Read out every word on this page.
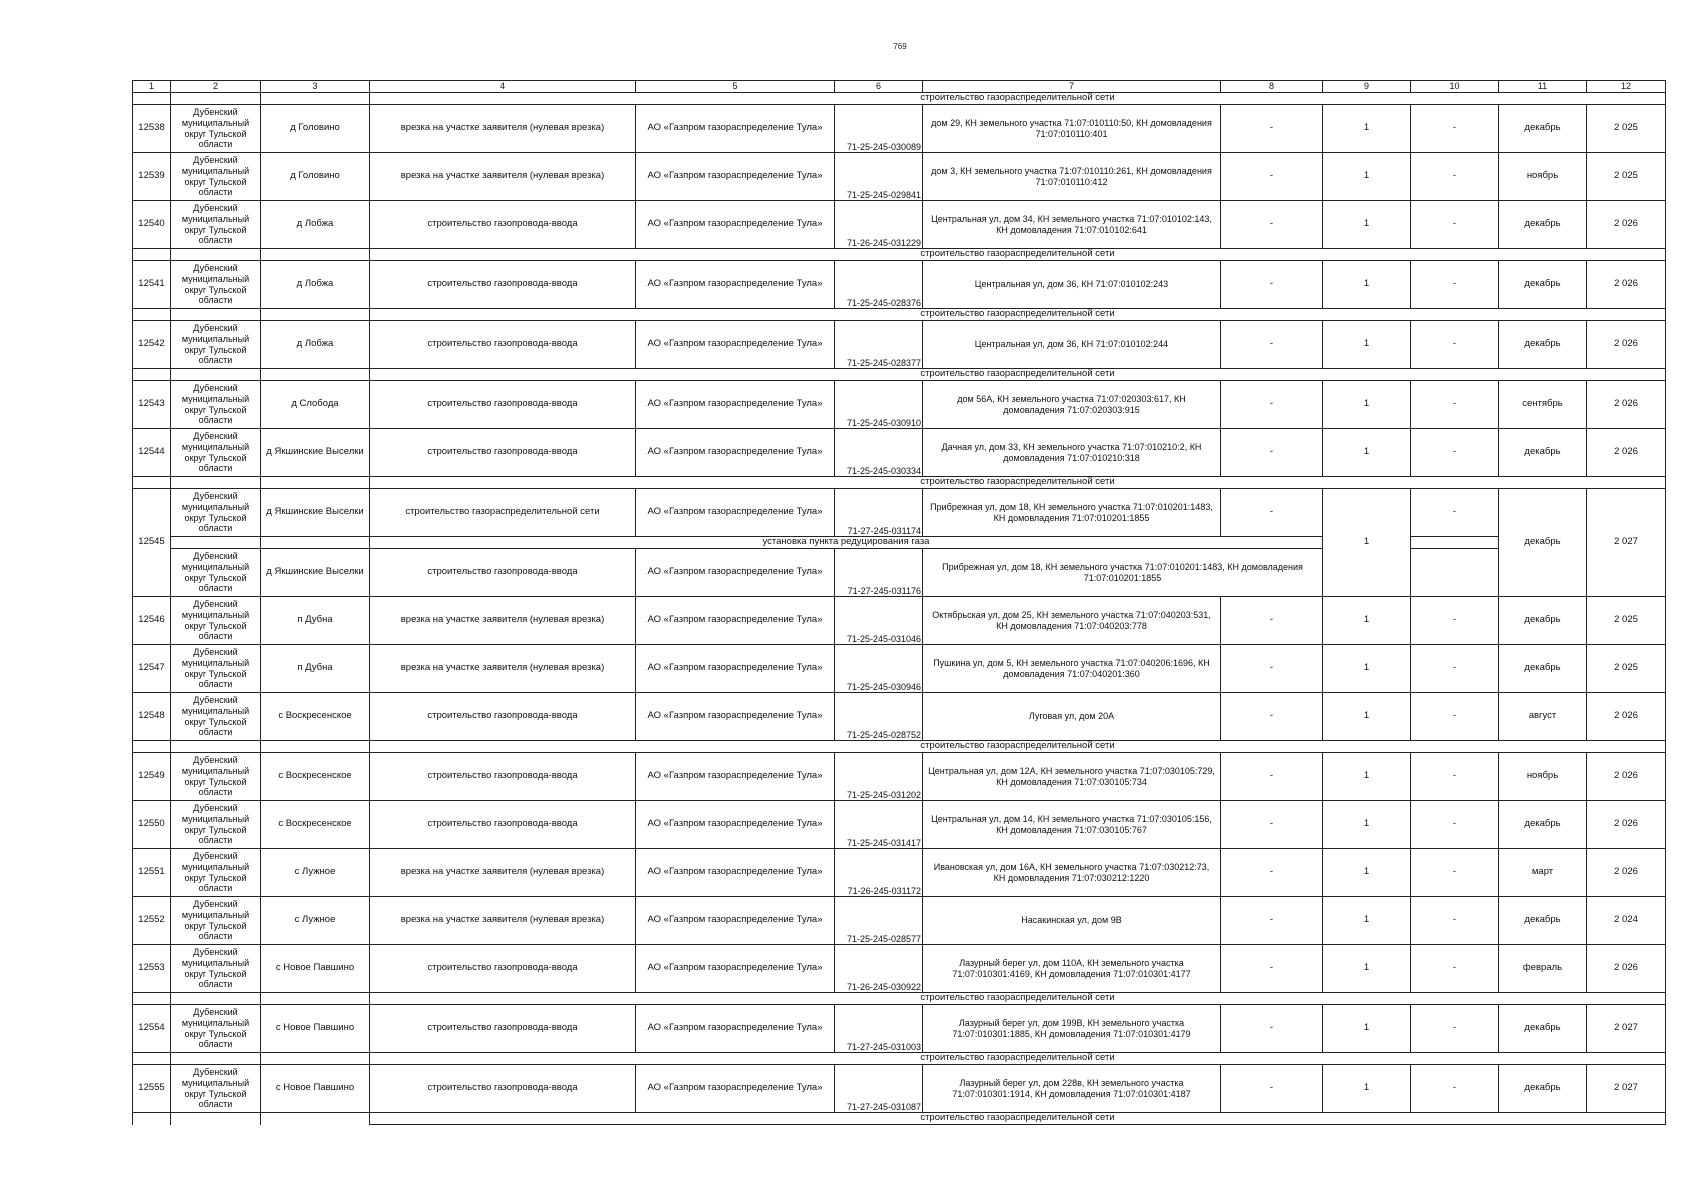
769
1	2	3	4	5	6	7	8	9	10	11	12
			строительство газораспределительной сети								
12538	Дубенский муниципальный округ Тульской области	д Головино	врезка на участке заявителя (нулевая врезка)	АО «Газпром газораспределение Тула»	71-25-245-030089	дом 29, КН земельного участка 71:07:010110:50, КН домовладения 71:07:010110:401	-	1	-	декабрь	2 025
12539	Дубенский муниципальный округ Тульской области	д Головино	врезка на участке заявителя (нулевая врезка)	АО «Газпром газораспределение Тула»	71-25-245-029841	дом 3, КН земельного участка 71:07:010110:261, КН домовладения 71:07:010110:412	-	1	-	ноябрь	2 025
12540	Дубенский муниципальный округ Тульской области	д Лобжа	строительство газопровода-ввода	АО «Газпром газораспределение Тула»	71-26-245-031229	Центральная ул, дом 34, КН земельного участка 71:07:010102:143, КН домовладения 71:07:010102:641	-	1	-	декабрь	2 026
			строительство газораспределительной сети								
12541	Дубенский муниципальный округ Тульской области	д Лобжа	строительство газопровода-ввода	АО «Газпром газораспределение Тула»	71-25-245-028376	Центральная ул, дом 36, КН 71:07:010102:243	-	1	-	декабрь	2 026
			строительство газораспределительной сети								
12542	Дубенский муниципальный округ Тульской области	д Лобжа	строительство газопровода-ввода	АО «Газпром газораспределение Тула»	71-25-245-028377	Центральная ул, дом 36, КН 71:07:010102:244	-	1	-	декабрь	2 026
			строительство газораспределительной сети								
12543	Дубенский муниципальный округ Тульской области	д Слобода	строительство газопровода-ввода	АО «Газпром газораспределение Тула»	71-25-245-030910	дом 56А, КН земельного участка 71:07:020303:617, КН домовладения 71:07:020303:915	-	1	-	сентябрь	2 026
12544	Дубенский муниципальный округ Тульской области	д Якшинские Выселки	строительство газопровода-ввода	АО «Газпром газораспределение Тула»	71-25-245-030334	Дачная ул, дом 33, КН земельного участка 71:07:010210:2, КН домовладения 71:07:010210:318	-	1	-	декабрь	2 026
			строительство газораспределительной сети								
12545	Дубенский муниципальный округ Тульской области	д Якшинские Выселки	строительство газораспределительной сети	АО «Газпром газораспределение Тула»	71-27-245-031174	Прибрежная ул, дом 18, КН земельного участка 71:07:010201:1483, КН домовладения 71:07:010201:1855	-	1	-	декабрь	2 027
			установка пункта редуцирования газа								
	Дубенский муниципальный округ Тульской области	д Якшинские Выселки	строительство газопровода-ввода	АО «Газпром газораспределение Тула»	71-27-245-031176	Прибрежная ул, дом 18, КН земельного участка 71:07:010201:1483, КН домовладения 71:07:010201:1855					
12546	Дубенский муниципальный округ Тульской области	п Дубна	врезка на участке заявителя (нулевая врезка)	АО «Газпром газораспределение Тула»	71-25-245-031046	Октябрьская ул, дом 25, КН земельного участка 71:07:040203:531, КН домовладения 71:07:040203:778	-	1	-	декабрь	2 025
12547	Дубенский муниципальный округ Тульской области	п Дубна	врезка на участке заявителя (нулевая врезка)	АО «Газпром газораспределение Тула»	71-25-245-030946	Пушкина ул, дом 5, КН земельного участка 71:07:040206:1696, КН домовладения 71:07:040201:360	-	1	-	декабрь	2 025
12548	Дубенский муниципальный округ Тульской области	с Воскресенское	строительство газопровода-ввода	АО «Газпром газораспределение Тула»	71-25-245-028752	Луговая ул, дом 20А	-	1	-	август	2 026
			строительство газораспределительной сети								
12549	Дубенский муниципальный округ Тульской области	с Воскресенское	строительство газопровода-ввода	АО «Газпром газораспределение Тула»	71-25-245-031202	Центральная ул, дом 12А, КН земельного участка 71:07:030105:729, КН домовладения 71:07:030105:734	-	1	-	ноябрь	2 026
12550	Дубенский муниципальный округ Тульской области	с Воскресенское	строительство газопровода-ввода	АО «Газпром газораспределение Тула»	71-25-245-031417	Центральная ул, дом 14, КН земельного участка 71:07:030105:156, КН домовладения 71:07:030105:767	-	1	-	декабрь	2 026
12551	Дубенский муниципальный округ Тульской области	с Лужное	врезка на участке заявителя (нулевая врезка)	АО «Газпром газораспределение Тула»	71-26-245-031172	Ивановская ул, дом 16А, КН земельного участка 71:07:030212:73, КН домовладения 71:07:030212:1220	-	1	-	март	2 026
12552	Дубенский муниципальный округ Тульской области	с Лужное	врезка на участке заявителя (нулевая врезка)	АО «Газпром газораспределение Тула»	71-25-245-028577	Насакинская ул, дом 9В	-	1	-	декабрь	2 024
12553	Дубенский муниципальный округ Тульской области	с Новое Павшино	строительство газопровода-ввода	АО «Газпром газораспределение Тула»	71-26-245-030922	Лазурный берег ул, дом 110А, КН земельного участка 71:07:010301:4169, КН домовладения 71:07:010301:4177	-	1	-	февраль	2 026
			строительство газораспределительной сети								
12554	Дубенский муниципальный округ Тульской области	с Новое Павшино	строительство газопровода-ввода	АО «Газпром газораспределение Тула»	71-27-245-031003	Лазурный берег ул, дом 199В, КН земельного участка 71:07:010301:1885, КН домовладения 71:07:010301:4179	-	1	-	декабрь	2 027
			строительство газораспределительной сети								
12555	Дубенский муниципальный округ Тульской области	с Новое Павшино	строительство газопровода-ввода	АО «Газпром газораспределение Тула»	71-27-245-031087	Лазурный берег ул, дом 228в, КН земельного участка 71:07:010301:1914, КН домовладения 71:07:010301:4187	-	1	-	декабрь	2 027
			строительство газораспределительной сети								
